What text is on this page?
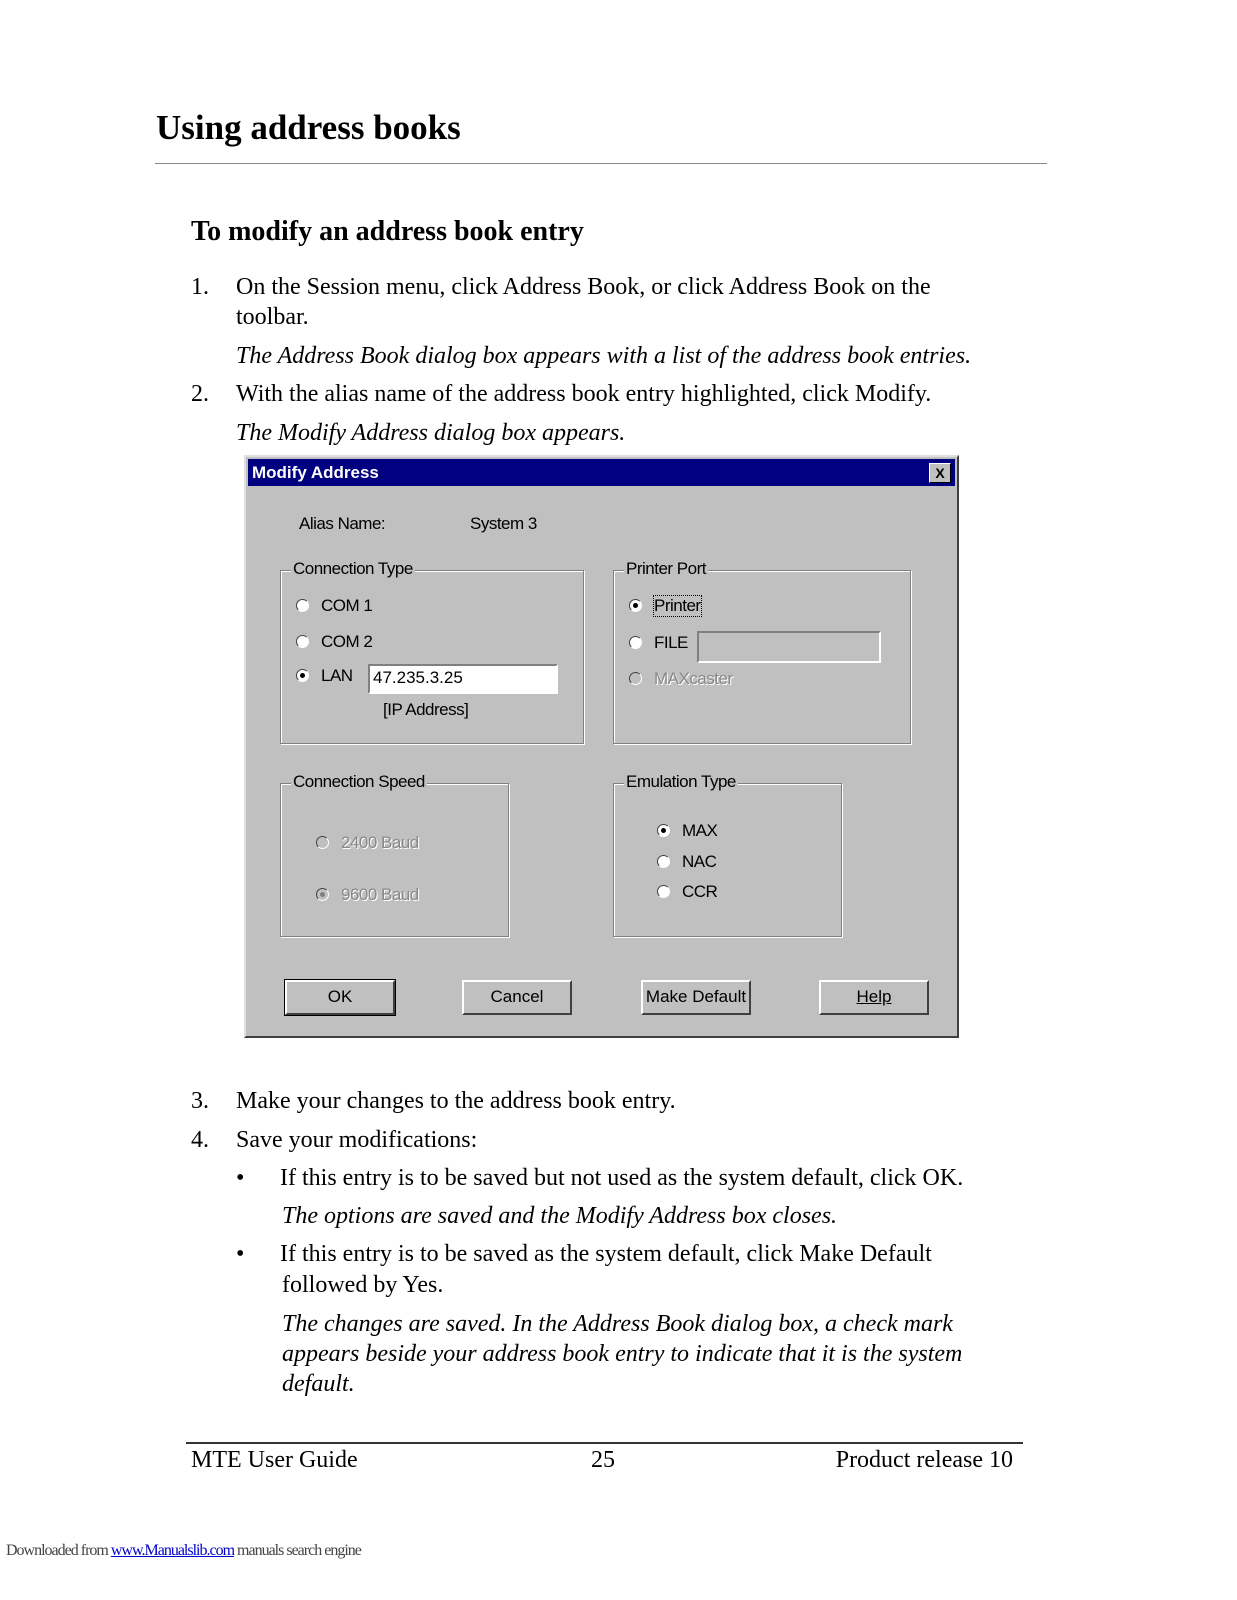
Using address books
To modify an address book entry
1. On the Session menu, click Address Book, or click Address Book on the
toolbar.
The Address Book dialog box appears with a list of the address book entries.
2. With the alias name of the address book entry highlighted, click Modify.
The Modify Address dialog box appears.
Modify Address	X
Alias Name:	System 3
Connection Type
COM 1
COM 2
LAN 47.235.3.25
[IP Address]
Printer Port
Printer
FILE
MAXcaster
Connection Speed
2400 Baud
9600 Baud
Emulation Type
MAX
NAC
CCR
OK	Cancel	Make Default	Help
3. Make your changes to the address book entry.
4. Save your modifications:
• If this entry is to be saved but not used as the system default, click OK.
The options are saved and the Modify Address box closes.
• If this entry is to be saved as the system default, click Make Default
followed by Yes.
The changes are saved. In the Address Book dialog box, a check mark
appears beside your address book entry to indicate that it is the system
default.
MTE User Guide	25	Product release 10
Downloaded from www.Manualslib.com manuals search engine
